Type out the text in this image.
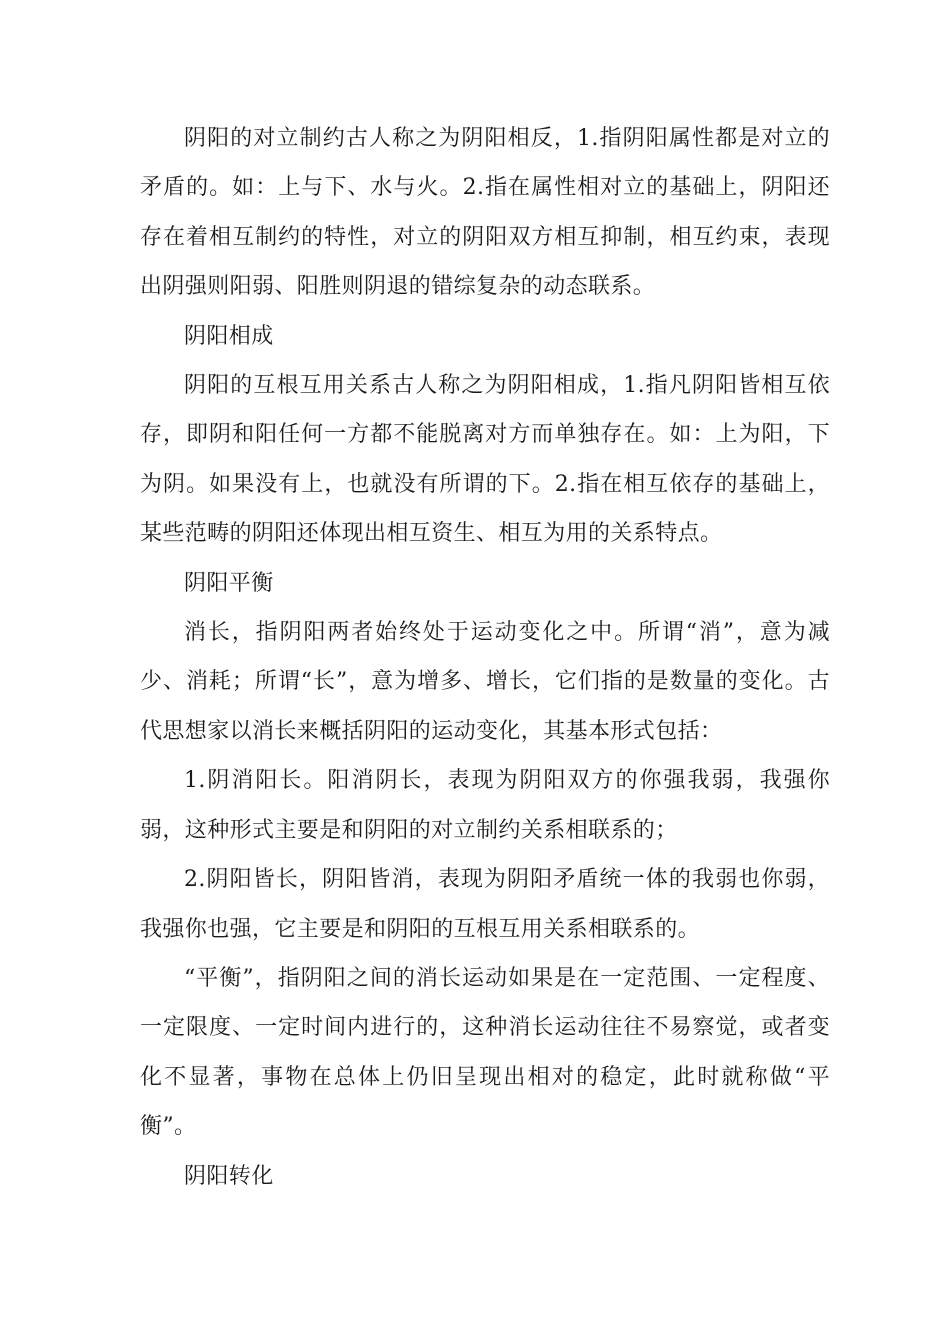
阴阳的对立制约古人称之为阴阳相反，1.指阴阳属性都是对立的矛盾的。如：上与下、水与火。2.指在属性相对立的基础上，阴阳还存在着相互制约的特性，对立的阴阳双方相互抑制，相互约束，表现出阴强则阳弱、阳胜则阴退的错综复杂的动态联系。

阴阳相成

阴阳的互根互用关系古人称之为阴阳相成，1.指凡阴阳皆相互依存，即阴和阳任何一方都不能脱离对方而单独存在。如：上为阳，下为阴。如果没有上，也就没有所谓的下。2.指在相互依存的基础上，某些范畴的阴阳还体现出相互资生、相互为用的关系特点。

阴阳平衡

消长，指阴阳两者始终处于运动变化之中。所谓“消”，意为减少、消耗；所谓“长”，意为增多、增长，它们指的是数量的变化。古代思想家以消长来概括阴阳的运动变化，其基本形式包括：

1.阴消阳长。阳消阴长，表现为阴阳双方的你强我弱，我强你弱，这种形式主要是和阴阳的对立制约关系相联系的；

2.阴阳皆长，阴阳皆消，表现为阴阳矛盾统一体的我弱也你弱，我强你也强，它主要是和阴阳的互根互用关系相联系的。

“平衡”，指阴阳之间的消长运动如果是在一定范围、一定程度、一定限度、一定时间内进行的，这种消长运动往往不易察觉，或者变化不显著，事物在总体上仍旧呈现出相对的稳定，此时就称做“平衡”。

阴阳转化
